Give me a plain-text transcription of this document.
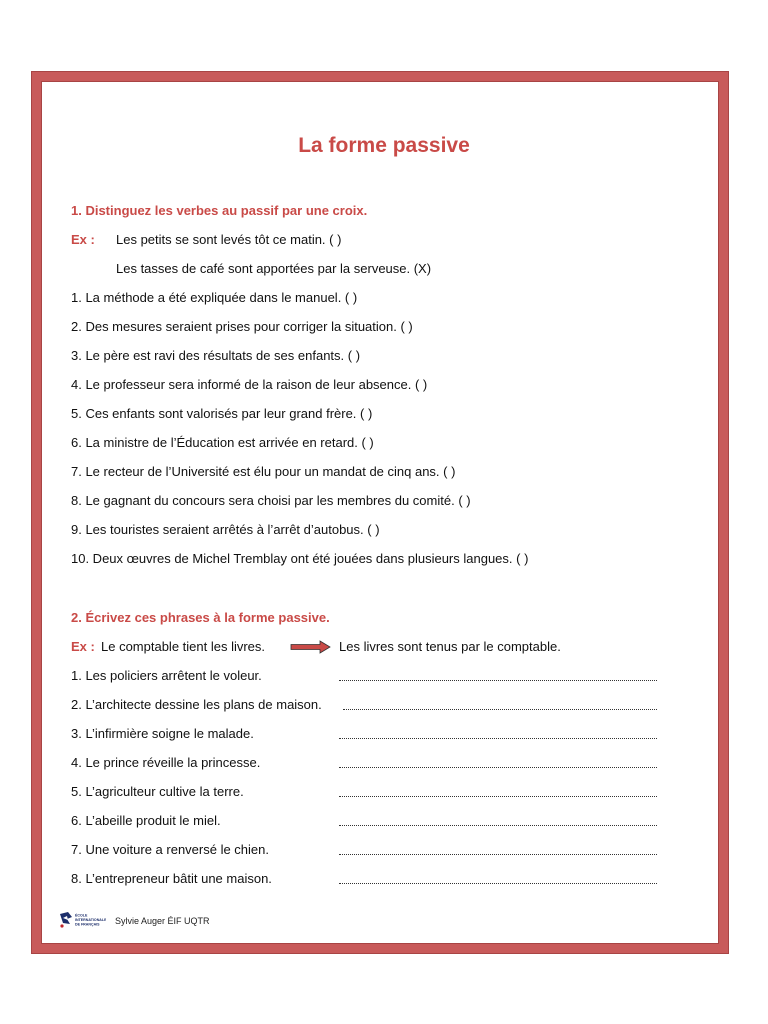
La forme passive
1. Distinguez les verbes au passif par une croix.
Ex : Les petits se sont levés tôt ce matin. ( )
Les tasses de café sont apportées par la serveuse. (X)
1. La méthode a été expliquée dans le manuel. ( )
2. Des mesures seraient prises pour corriger la situation. ( )
3. Le père est ravi des résultats de ses enfants. ( )
4. Le professeur sera informé de la raison de leur absence. ( )
5. Ces enfants sont valorisés par leur grand frère. ( )
6. La ministre de l’Éducation est arrivée en retard. ( )
7. Le recteur de l’Université est élu pour un mandat de cinq ans. ( )
8. Le gagnant du concours sera choisi par les membres du comité. ( )
9. Les touristes seraient arrêtés à l’arrêt d’autobus. ( )
10. Deux œuvres de Michel Tremblay ont été jouées dans plusieurs langues. ( )
2. Écrivez ces phrases à la forme passive.
Ex : Le comptable tient les livres.	Les livres sont tenus par le comptable.
1. Les policiers arrêtent le voleur.
2. L’architecte dessine les plans de maison.
3. L’infirmière soigne le malade.
4. Le prince réveille la princesse.
5. L’agriculteur cultive la terre.
6. L’abeille produit le miel.
7. Une voiture a renversé le chien.
8. L’entrepreneur bâtit une maison.
ÉCOLE
INTERNATIONALE
DE FRANÇAIS Sylvie Auger ÉIF UQTR
